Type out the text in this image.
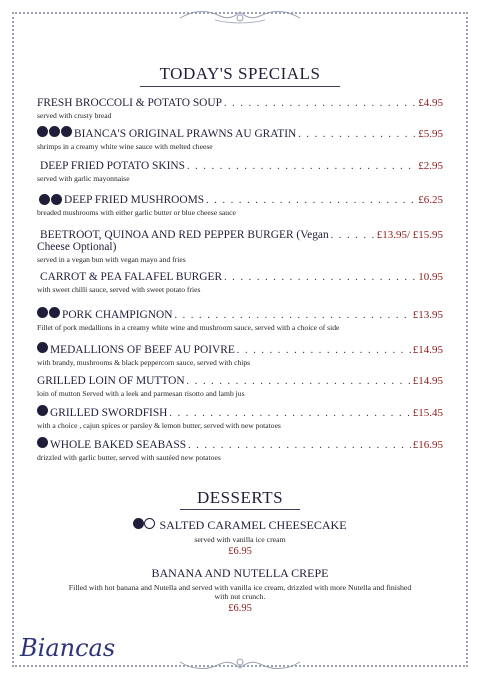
TODAY'S SPECIALS
FRESH BROCCOLI & POTATO SOUP . . .	£4.95
served with crusty bread
BIANCA'S ORIGINAL PRAWNS AU GRATIN . . .	£5.95
shrimps in a creamy white wine sauce with melted cheese
DEEP FRIED POTATO SKINS . . .	£2.95
served with garlic mayonnaise
DEEP FRIED MUSHROOMS . . .	£6.25
breaded mushrooms with either garlic butter or blue cheese sauce
BEETROOT, QUINOA AND RED PEPPER BURGER (Vegan . . .	£13.95/ £15.95
Cheese Optional)
served in a vegan bun with vegan mayo and fries
CARROT & PEA FALAFEL BURGER . . .	10.95
with sweet chilli sauce, served with sweet potato fries
PORK CHAMPIGNON . . .	£13.95
Fillet of pork medallions in a creamy white wine and mushroom sauce, served with a choice of side
MEDALLIONS OF BEEF AU POIVRE . . .	£14.95
with brandy, mushrooms & black peppercorn sauce, served with chips
GRILLED LOIN OF MUTTON . . .	£14.95
loin of mutton Served with a leek and parmesan risotto and lamb jus
GRILLED SWORDFISH . . .	£15.45
with a choice , cajun spices or parsley & lemon butter, served with new potatoes
WHOLE BAKED SEABASS . . .	£16.95
drizzled with garlic butter, served with sautéed new potatoes
DESSERTS
SALTED CARAMEL CHEESECAKE
served with vanilla ice cream
£6.95
BANANA AND NUTELLA CREPE
Filled with hot banana and Nutella and served with vanilla ice cream, drizzled with more Nutella and finished
with nut crunch.
£6.95
Biancas
